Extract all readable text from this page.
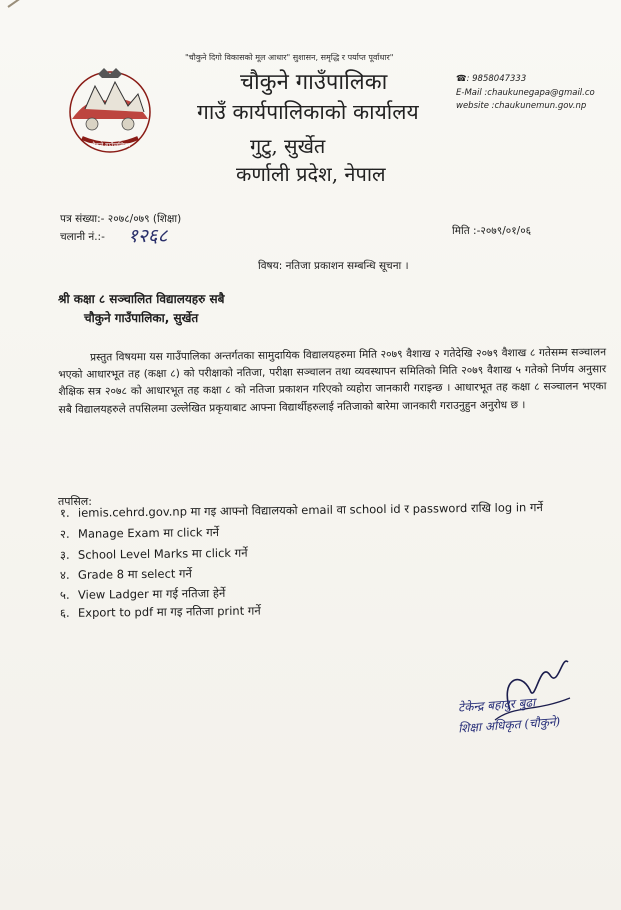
"चौकुने दिगो विकासको मूल आधार" सुशासन, समृद्धि र पर्याप्त पूर्वाधार"
चौकुने गाउँपालिका
चौकुने गाउँपालिका
गाउँ कार्यपालिकाको कार्यालय
गुटु, सुर्खेत
कर्णाली प्रदेश, नेपाल
☎: 9858047333
E-Mail :chaukunegapa@gmail.co
website :chaukunemun.gov.np
पत्र संख्या:- २०७८/०७९ (शिक्षा)
चलानी नं.:- १२६८	मिति :-२०७९/०१/०६
विषय: नतिजा प्रकाशन सम्बन्धि सूचना ।
श्री कक्षा ८ सञ्चालित विद्यालयहरु सबै
चौकुने गाउँपालिका, सुर्खेत
प्रस्तुत विषयमा यस गाउँपालिका अन्तर्गतका सामुदायिक विद्यालयहरुमा मिति २०७९ वैशाख २ गतेदेखि २०७९ वैशाख ८ गतेसम्म सञ्चालन भएको आधारभूत तह (कक्षा ८) को परीक्षाको नतिजा, परीक्षा सञ्चालन तथा व्यवस्थापन समितिको मिति २०७९ वैशाख ५ गतेको निर्णय अनुसार शैक्षिक सत्र २०७८ को आधारभूत तह कक्षा ८ को नतिजा प्रकाशन गरिएको व्यहोरा जानकारी गराइन्छ । आधारभूत तह कक्षा ८ सञ्चालन भएका सबै विद्यालयहरुले तपसिलमा उल्लेखित प्रकृयाबाट आफ्ना विद्यार्थीहरुलाई नतिजाको बारेमा जानकारी गराउनुहुन अनुरोध छ ।
तपसिल:
१. iemis.cehrd.gov.np मा गइ आफ्नो विद्यालयको email वा school id र password राखि log in गर्ने
२. Manage Exam मा click गर्ने
३. School Level Marks मा click गर्ने
४. Grade 8 मा select गर्ने
५. View Ladger मा गई नतिजा हेर्ने
६. Export to pdf मा गइ नतिजा print गर्ने
टेकेन्द्र बहादुर बुढा
शिक्षा अधिकृत (चौकुने)
